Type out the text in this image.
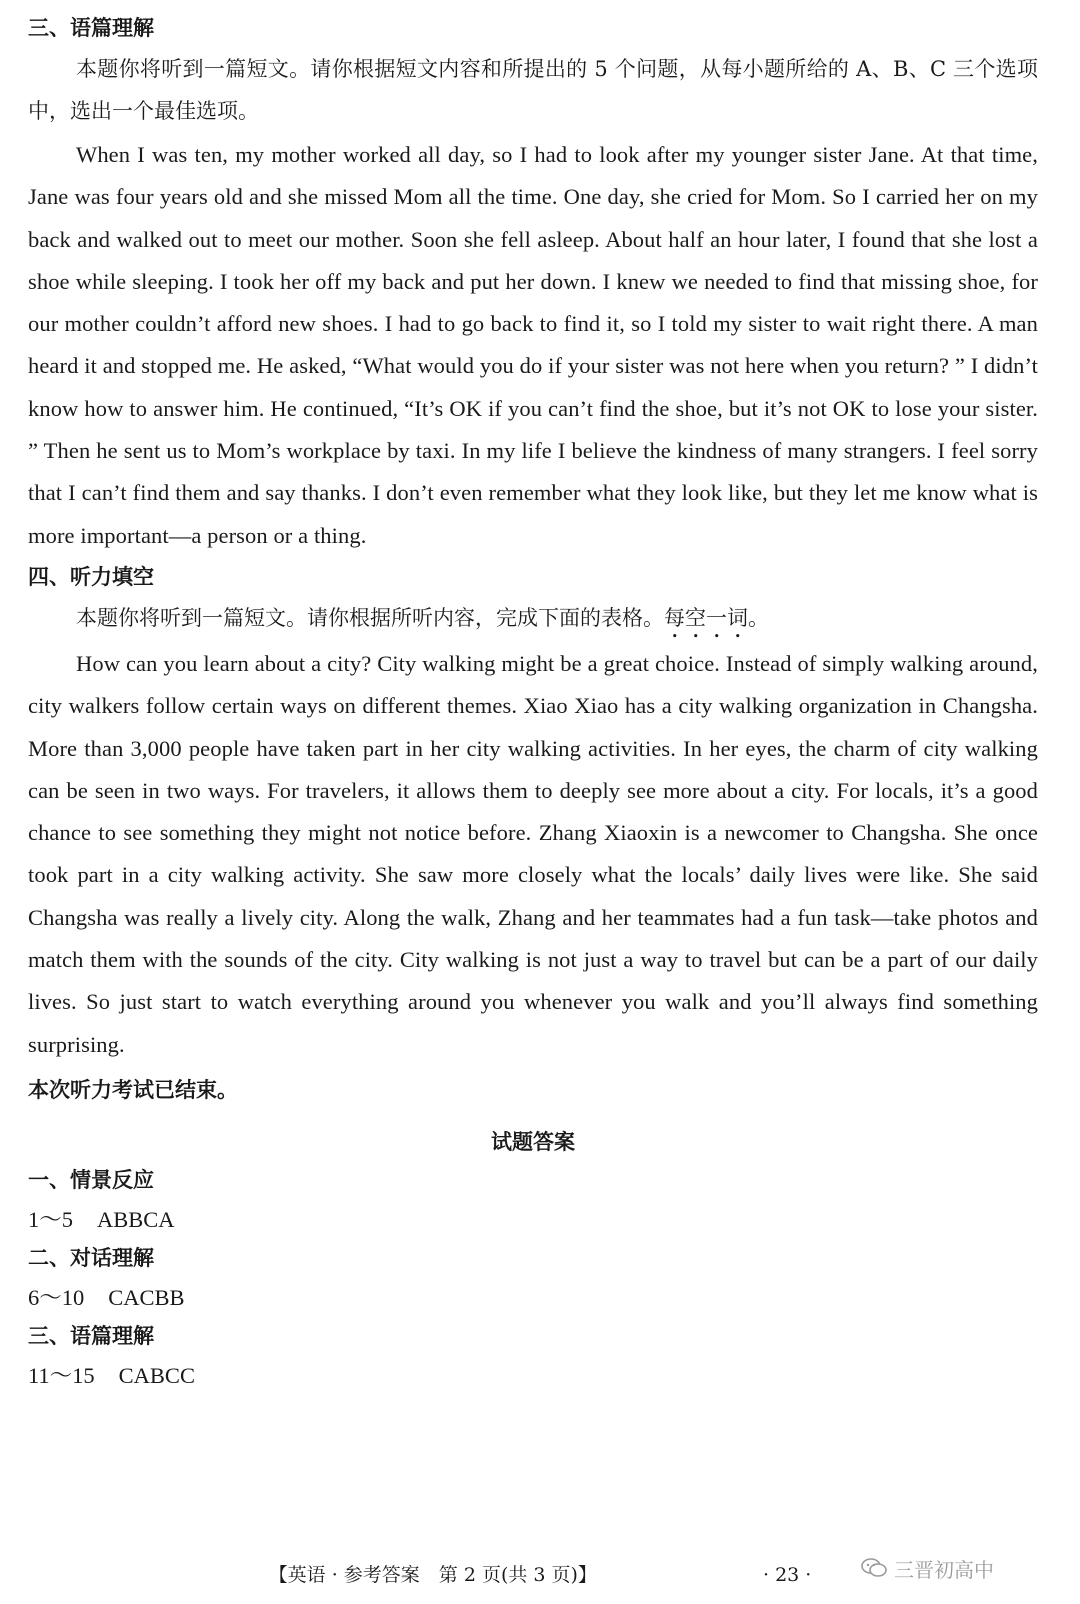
三、语篇理解

本题你将听到一篇短文。请你根据短文内容和所提出的 5 个问题，从每小题所给的 A、B、C 三个选项中，选出一个最佳选项。

When I was ten, my mother worked all day, so I had to look after my younger sister Jane. At that time, Jane was four years old and she missed Mom all the time. One day, she cried for Mom. So I carried her on my back and walked out to meet our mother. Soon she fell asleep. About half an hour later, I found that she lost a shoe while sleeping. I took her off my back and put her down. I knew we needed to find that missing shoe, for our mother couldn’t afford new shoes. I had to go back to find it, so I told my sister to wait right there. A man heard it and stopped me. He asked, “What would you do if your sister was not here when you return? ” I didn’t know how to answer him. He continued, “It’s OK if you can’t find the shoe, but it’s not OK to lose your sister. ” Then he sent us to Mom’s workplace by taxi. In my life I believe the kindness of many strangers. I feel sorry that I can’t find them and say thanks. I don’t even remember what they look like, but they let me know what is more important—a person or a thing.

四、听力填空

本题你将听到一篇短文。请你根据所听内容，完成下面的表格。每空一词。

How can you learn about a city? City walking might be a great choice. Instead of simply walking around, city walkers follow certain ways on different themes. Xiao Xiao has a city walking organization in Changsha. More than 3,000 people have taken part in her city walking activities. In her eyes, the charm of city walking can be seen in two ways. For travelers, it allows them to deeply see more about a city. For locals, it’s a good chance to see something they might not notice before. Zhang Xiaoxin is a newcomer to Changsha. She once took part in a city walking activity. She saw more closely what the locals’ daily lives were like. She said Changsha was really a lively city. Along the walk, Zhang and her teammates had a fun task—take photos and match them with the sounds of the city. City walking is not just a way to travel but can be a part of our daily lives. So just start to watch everything around you whenever you walk and you’ll always find something surprising.

本次听力考试已结束。
试题答案
一、情景反应
1～5 ABBCA
二、对话理解
6～10 CACBB
三、语篇理解
11～15 CABCC
【英语 · 参考答案　第 2 页(共 3 页)】	· 23 ·	三晋初高中
